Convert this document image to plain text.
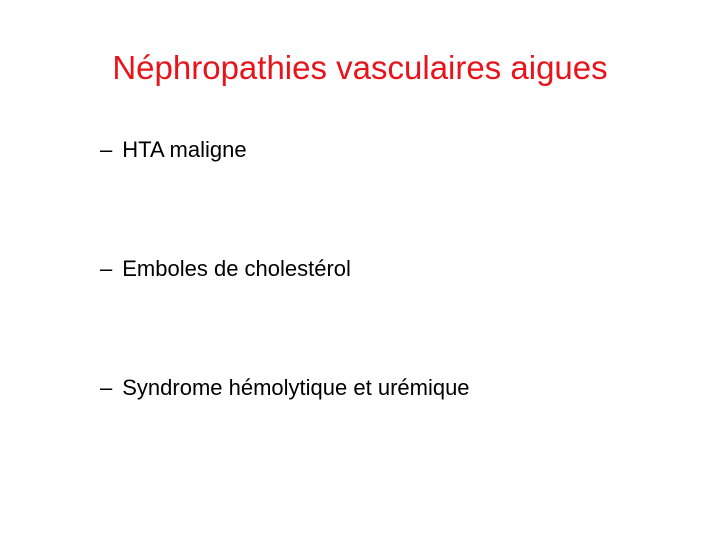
Néphropathies vasculaires aigues
– HTA maligne
– Emboles de cholestérol
– Syndrome hémolytique et urémique
